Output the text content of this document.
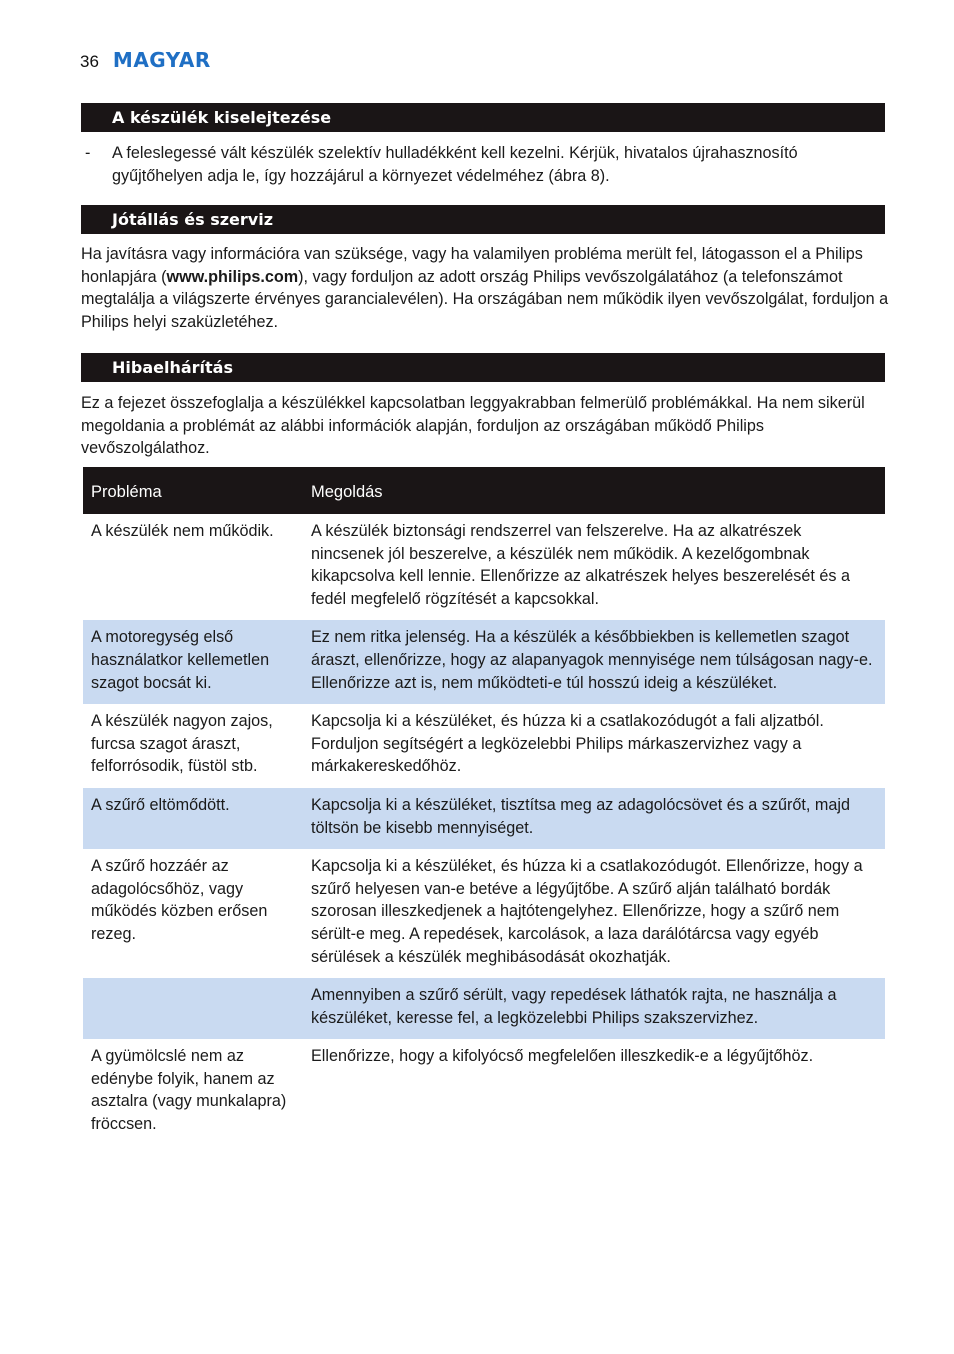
36 MAGYAR
A készülék kiselejtezése
- A feleslegessé vált készülék szelektív hulladékként kell kezelni. Kérjük, hivatalos újrahasznosító gyűjtőhelyen adja le, így hozzájárul a környezet védelméhez (ábra 8).
Jótállás és szerviz
Ha javításra vagy információra van szüksége, vagy ha valamilyen probléma merült fel, látogasson el a Philips honlapjára (www.philips.com), vagy forduljon az adott ország Philips vevőszolgálatához (a telefonszámot megtalálja a világszerte érvényes garancialevélen). Ha országában nem működik ilyen vevőszolgálat, forduljon a Philips helyi szaküzletéhez.
Hibaelhárítás
Ez a fejezet összefoglalja a készülékkel kapcsolatban leggyakrabban felmerülő problémákkal. Ha nem sikerül megoldania a problémát az alábbi információk alapján, forduljon az országában működő Philips vevőszolgálathoz.
Probléma	Megoldás
A készülék nem működik.	A készülék biztonsági rendszerrel van felszerelve. Ha az alkatrészek nincsenek jól beszerelve, a készülék nem működik. A kezelőgombnak kikapcsolva kell lennie. Ellenőrizze az alkatrészek helyes beszerelését és a fedél megfelelő rögzítését a kapcsokkal.
A motoregység első használatkor kellemetlen szagot bocsát ki.	Ez nem ritka jelenség. Ha a készülék a későbbiekben is kellemetlen szagot áraszt, ellenőrizze, hogy az alapanyagok mennyisége nem túlságosan nagy-e. Ellenőrizze azt is, nem működteti-e túl hosszú ideig a készüléket.
A készülék nagyon zajos, furcsa szagot áraszt, felforrósodik, füstöl stb.	Kapcsolja ki a készüléket, és húzza ki a csatlakozódugót a fali aljzatból. Forduljon segítségért a legközelebbi Philips márkaszervizhez vagy a márkakereskedőhöz.
A szűrő eltömődött.	Kapcsolja ki a készüléket, tisztítsa meg az adagolócsövet és a szűrőt, majd töltsön be kisebb mennyiséget.
A szűrő hozzáér az adagolócsőhöz, vagy működés közben erősen rezeg.	Kapcsolja ki a készüléket, és húzza ki a csatlakozódugót. Ellenőrizze, hogy a szűrő helyesen van-e betéve a légyűjtőbe. A szűrő alján található bordák szorosan illeszkedjenek a hajtótengelyhez. Ellenőrizze, hogy a szűrő nem sérült-e meg. A repedések, karcolások, a laza darálótárcsa vagy egyéb sérülések a készülék meghibásodását okozhatják.
	Amennyiben a szűrő sérült, vagy repedések láthatók rajta, ne használja a készüléket, keresse fel, a legközelebbi Philips szakszervizhez.
A gyümölcslé nem az edénybe folyik, hanem az asztalra (vagy munkalapra) fröccsen.	Ellenőrizze, hogy a kifolyócső megfelelően illeszkedik-e a légyűjtőhöz.
